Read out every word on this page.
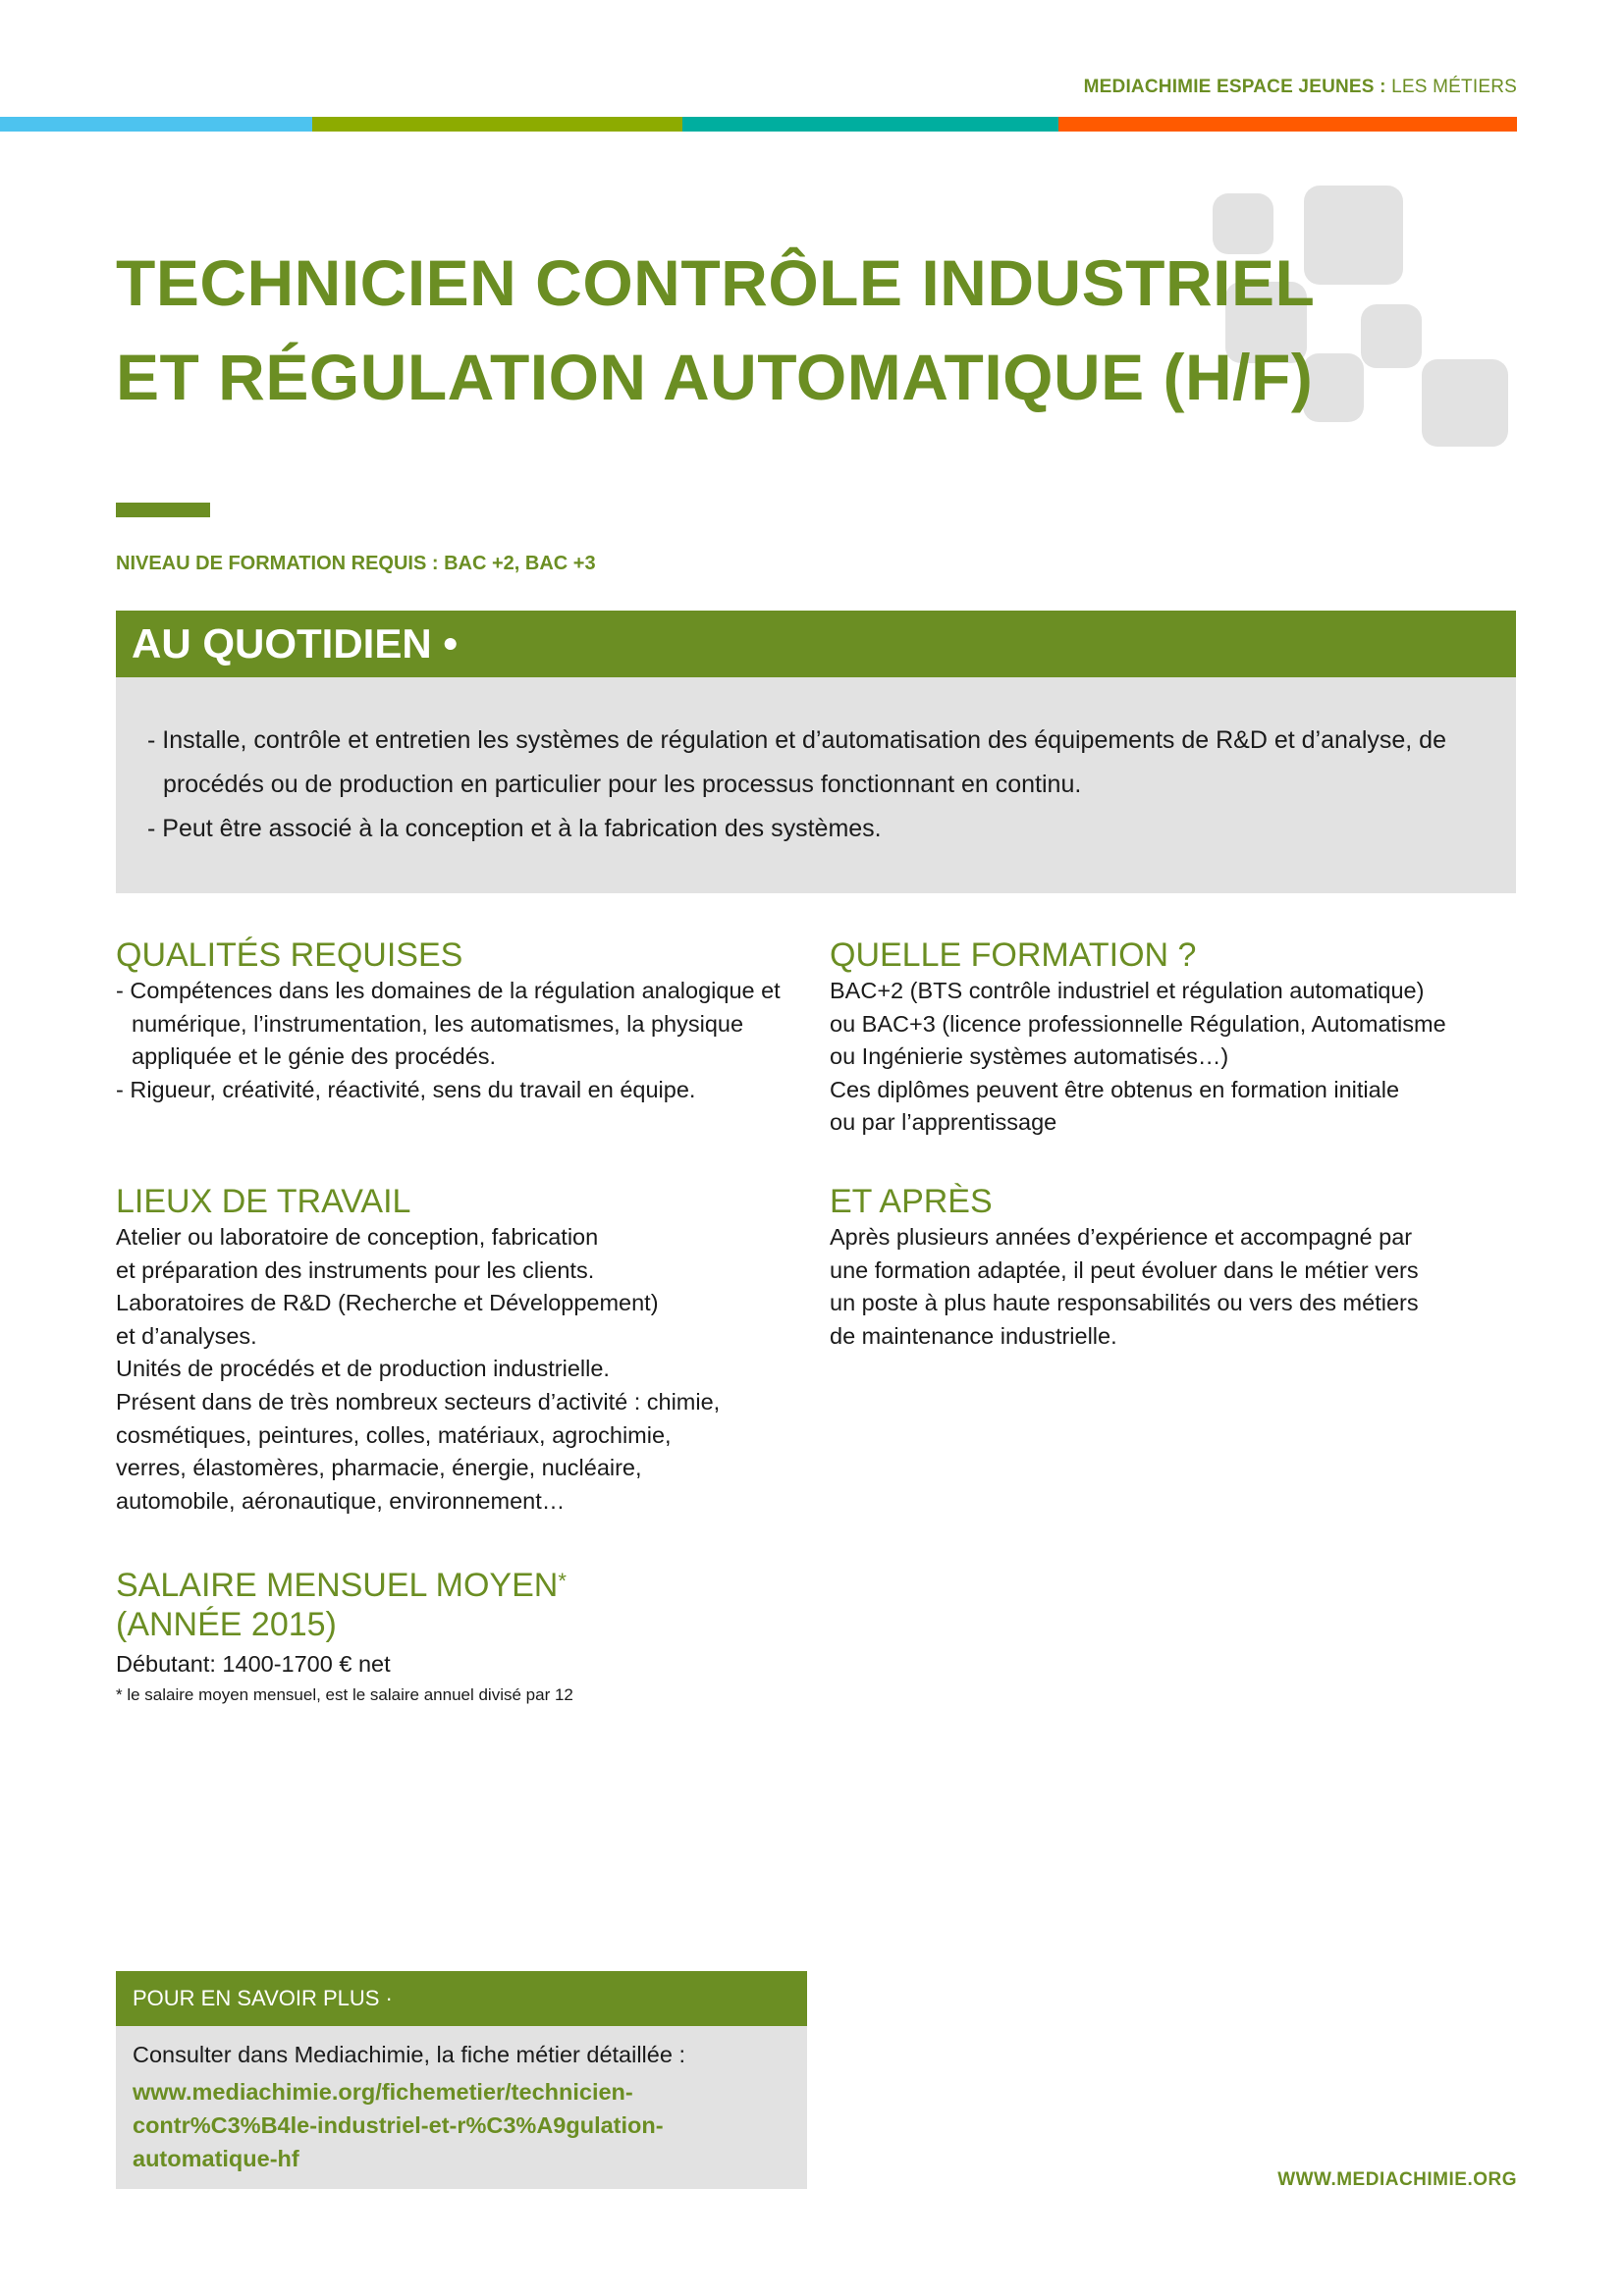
MEDIACHIMIE ESPACE JEUNES : LES MÉTIERS
TECHNICIEN CONTRÔLE INDUSTRIEL
ET RÉGULATION AUTOMATIQUE (H/F)
NIVEAU DE FORMATION REQUIS : BAC +2, BAC +3
AU QUOTIDIEN •
- Installe, contrôle et entretien les systèmes de régulation et d’automatisation des équipements de R&D et d’analyse, de procédés ou de production en particulier pour les processus fonctionnant en continu.
- Peut être associé à la conception et à la fabrication des systèmes.
QUALITÉS REQUISES
- Compétences dans les domaines de la régulation analogique et numérique, l’instrumentation, les automatismes, la physique appliquée et le génie des procédés.
- Rigueur, créativité, réactivité, sens du travail en équipe.
LIEUX DE TRAVAIL
Atelier ou laboratoire de conception, fabrication
et préparation des instruments pour les clients.
Laboratoires de R&D (Recherche et Développement)
et d’analyses.
Unités de procédés et de production industrielle.
Présent dans de très nombreux secteurs d’activité : chimie,
cosmétiques, peintures, colles, matériaux, agrochimie,
verres, élastomères, pharmacie, énergie, nucléaire,
automobile, aéronautique, environnement…
SALAIRE MENSUEL MOYEN*
(ANNÉE 2015)
Débutant: 1400-1700 € net
* le salaire moyen mensuel, est le salaire annuel divisé par 12
QUELLE FORMATION ?
BAC+2 (BTS contrôle industriel et régulation automatique)
ou BAC+3 (licence professionnelle Régulation, Automatisme
ou Ingénierie systèmes automatisés…)
Ces diplômes peuvent être obtenus en formation initiale
ou par l’apprentissage
ET APRÈS
Après plusieurs années d’expérience et accompagné par
une formation adaptée, il peut évoluer dans le métier vers
un poste à plus haute responsabilités ou vers des métiers
de maintenance industrielle.
POUR EN SAVOIR PLUS ·
Consulter dans Mediachimie, la fiche métier détaillée :
www.mediachimie.org/fichemetier/technicien-
contr%C3%B4le-industriel-et-r%C3%A9gulation-
automatique-hf
WWW.MEDIACHIMIE.ORG
